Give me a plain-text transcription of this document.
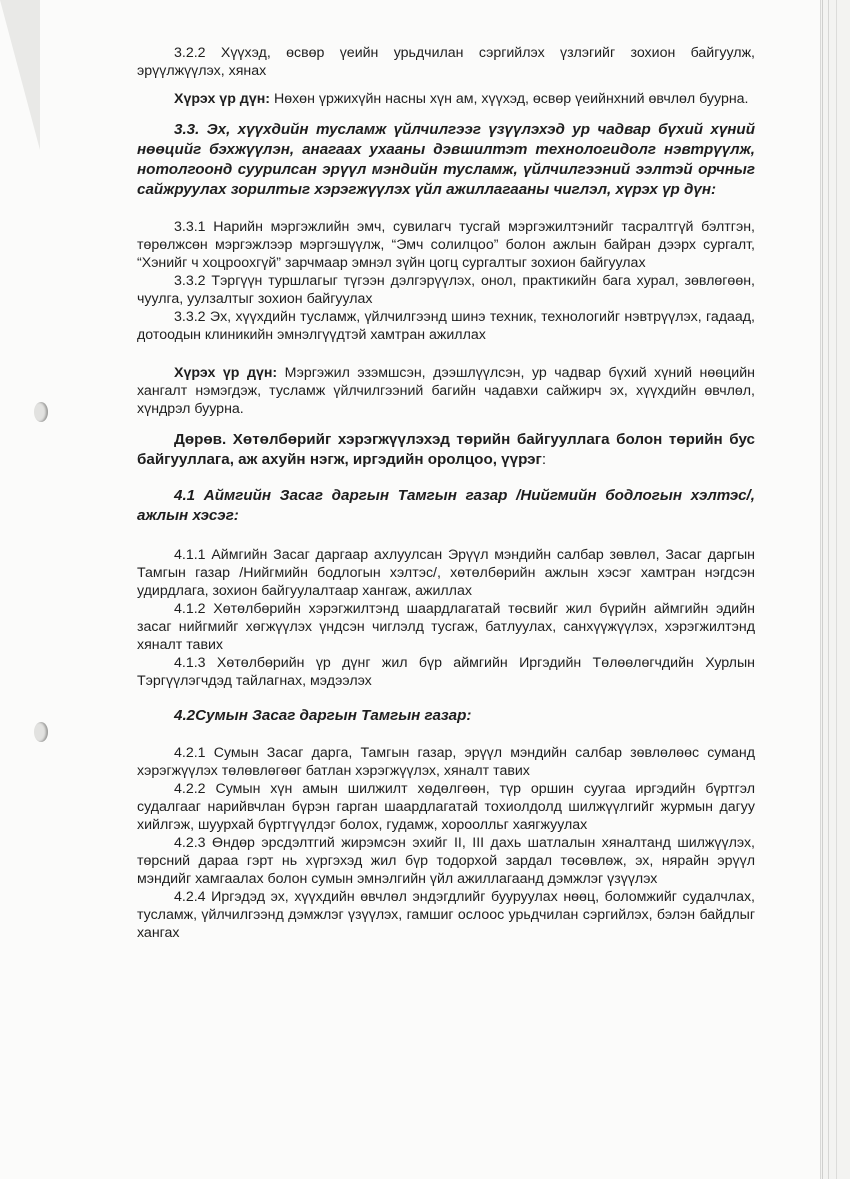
3.2.2 Хүүхэд, өсвөр үеийн урьдчилан сэргийлэх үзлэгийг зохион байгуулж, эрүүлжүүлэх, хянах

Хүрэх үр дүн: Нөхөн үржихүйн насны хүн ам, хүүхэд, өсвөр үеийнхний өвчлөл буурна.

3.3. Эх, хүүхдийн тусламж үйлчилгээг үзүүлэхэд ур чадвар бүхий хүний нөөцийг бэхжүүлэн, анагаах ухааны дэвшилтэт технологидолг нэвтрүүлж, нотолгоонд суурилсан эрүүл мэндийн тусламж, үйлчилгээний ээлтэй орчныг сайжруулах зорилтыг хэрэгжүүлэх үйл ажиллагааны чиглэл, хүрэх үр дүн:

3.3.1 Нарийн мэргэжлийн эмч, сувилагч тусгай мэргэжилтэнийг тасралтгүй бэлтгэн, төрөлжсөн мэргэжлээр мэргэшүүлж, “Эмч солилцоо” болон ажлын байран дээрх сургалт, “Хэнийг ч хоцроохгүй” зарчмаар эмнэл зүйн цогц сургалтыг зохион байгуулах

3.3.2 Тэргүүн туршлагыг түгээн дэлгэрүүлэх, онол, практикийн бага хурал, зөвлөгөөн, чуулга, уулзалтыг зохион байгуулах

3.3.2 Эх, хүүхдийн тусламж, үйлчилгээнд шинэ техник, технологийг нэвтрүүлэх, гадаад, дотоодын клиникийн эмнэлгүүдтэй хамтран ажиллах

Хүрэх үр дүн: Мэргэжил эзэмшсэн, дээшлүүлсэн, ур чадвар бүхий хүний нөөцийн хангалт нэмэгдэж, тусламж үйлчилгээний багийн чадавхи сайжирч эх, хүүхдийн өвчлөл, хүндрэл буурна.

Дөрөв. Хөтөлбөрийг хэрэгжүүлэхэд төрийн байгууллага болон төрийн бус байгууллага, аж ахуйн нэгж, иргэдийн оролцоо, үүрэг:

4.1 Аймгийн Засаг даргын Тамгын газар /Нийгмийн бодлогын хэлтэс/, ажлын хэсэг:

4.1.1 Аймгийн Засаг даргаар ахлуулсан Эрүүл мэндийн салбар зөвлөл, Засаг даргын Тамгын газар /Нийгмийн бодлогын хэлтэс/, хөтөлбөрийн ажлын хэсэг хамтран нэгдсэн удирдлага, зохион байгуулалтаар хангаж, ажиллах

4.1.2 Хөтөлбөрийн хэрэгжилтэнд шаардлагатай төсвийг жил бүрийн аймгийн эдийн засаг нийгмийг хөгжүүлэх үндсэн чиглэлд тусгаж, батлуулах, санхүүжүүлэх, хэрэгжилтэнд хяналт тавих

4.1.3 Хөтөлбөрийн үр дүнг жил бүр аймгийн Иргэдийн Төлөөлөгчдийн Хурлын Тэргүүлэгчдэд тайлагнах, мэдээлэх

4.2Сумын Засаг даргын Тамгын газар:

4.2.1 Сумын Засаг дарга, Тамгын газар, эрүүл мэндийн салбар зөвлөлөөс суманд хэрэгжүүлэх төлөвлөгөөг батлан хэрэгжүүлэх, хяналт тавих

4.2.2 Сумын хүн амын шилжилт хөдөлгөөн, түр оршин суугаа иргэдийн бүртгэл судалгааг нарийвчлан бүрэн гарган шаардлагатай тохиолдолд шилжүүлгийг журмын дагуу хийлгэж, шуурхай бүртгүүлдэг болох, гудамж, хороолльг хаягжуулах

4.2.3 Өндөр эрсдэлтгий жирэмсэн эхийг II, III дахь шатлалын хяналтанд шилжүүлэх, төрсний дараа гэрт нь хүргэхэд жил бүр тодорхой зардал төсөвлөж, эх, нярайн эрүүл мэндийг хамгаалах болон сумын эмнэлгийн үйл ажиллагаанд дэмжлэг үзүүлэх

4.2.4 Иргэдэд эх, хүүхдийн өвчлөл эндэгдлийг бууруулах нөөц, боломжийг судалчлах, тусламж, үйлчилгээнд дэмжлэг үзүүлэх, гамшиг ослоос урьдчилан сэргийлэх, бэлэн байдлыг хангах
